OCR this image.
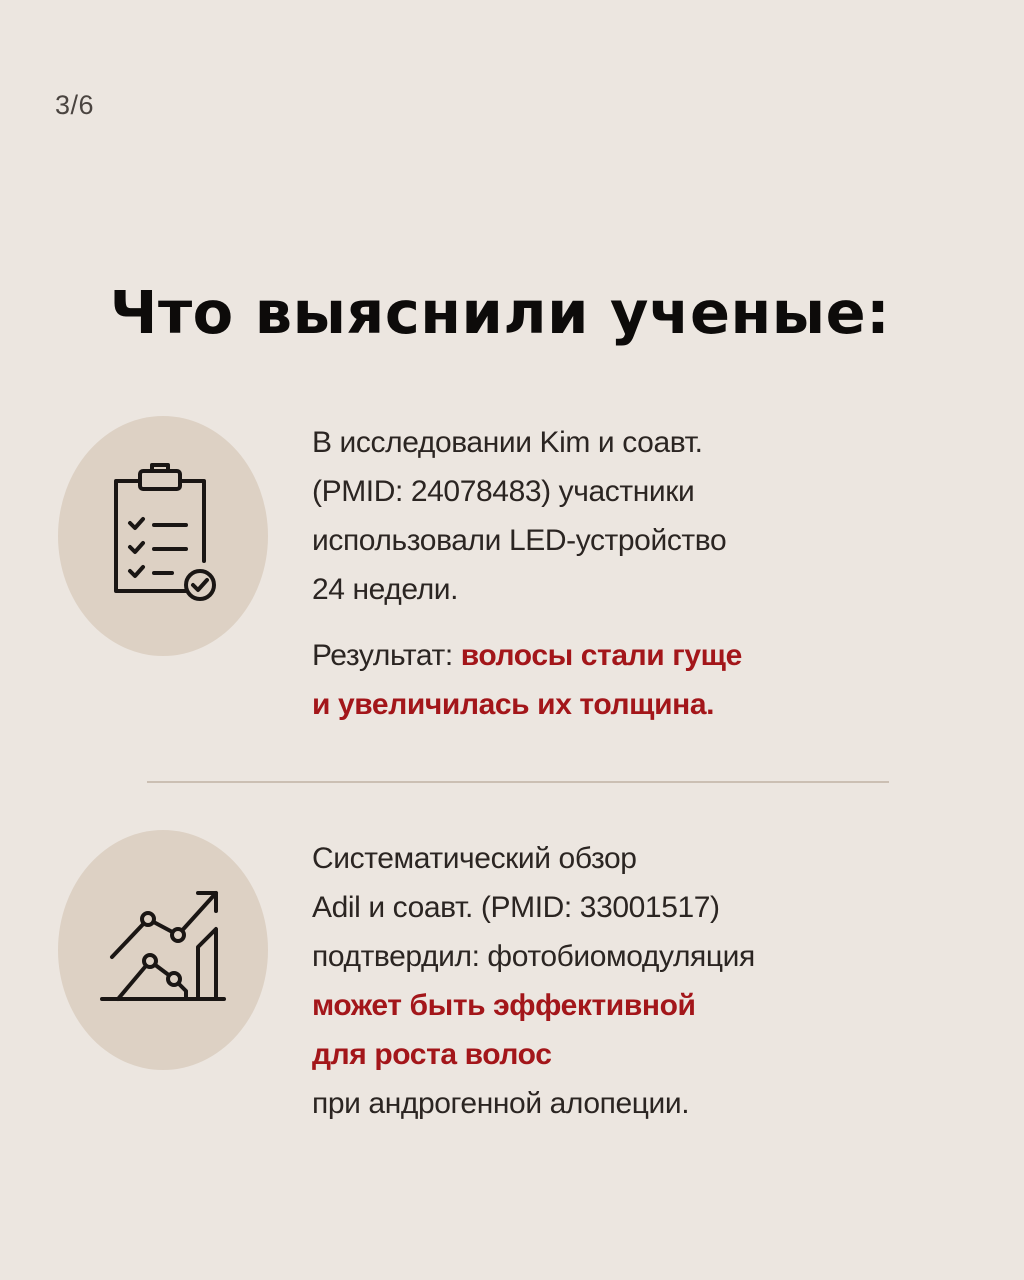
3/6
Что выяснили ученые:

В исследовании Kim и соавт.

(PMID: 24078483) участники

использовали LED-устройство

24 недели.

Результат: волосы стали гуще

и увеличилась их толщина.

Систематический обзор

Adil и соавт. (PMID: 33001517)

подтвердил: фотобиомодуляция

может быть эффективной

для роста волос

при андрогенной алопеции.
